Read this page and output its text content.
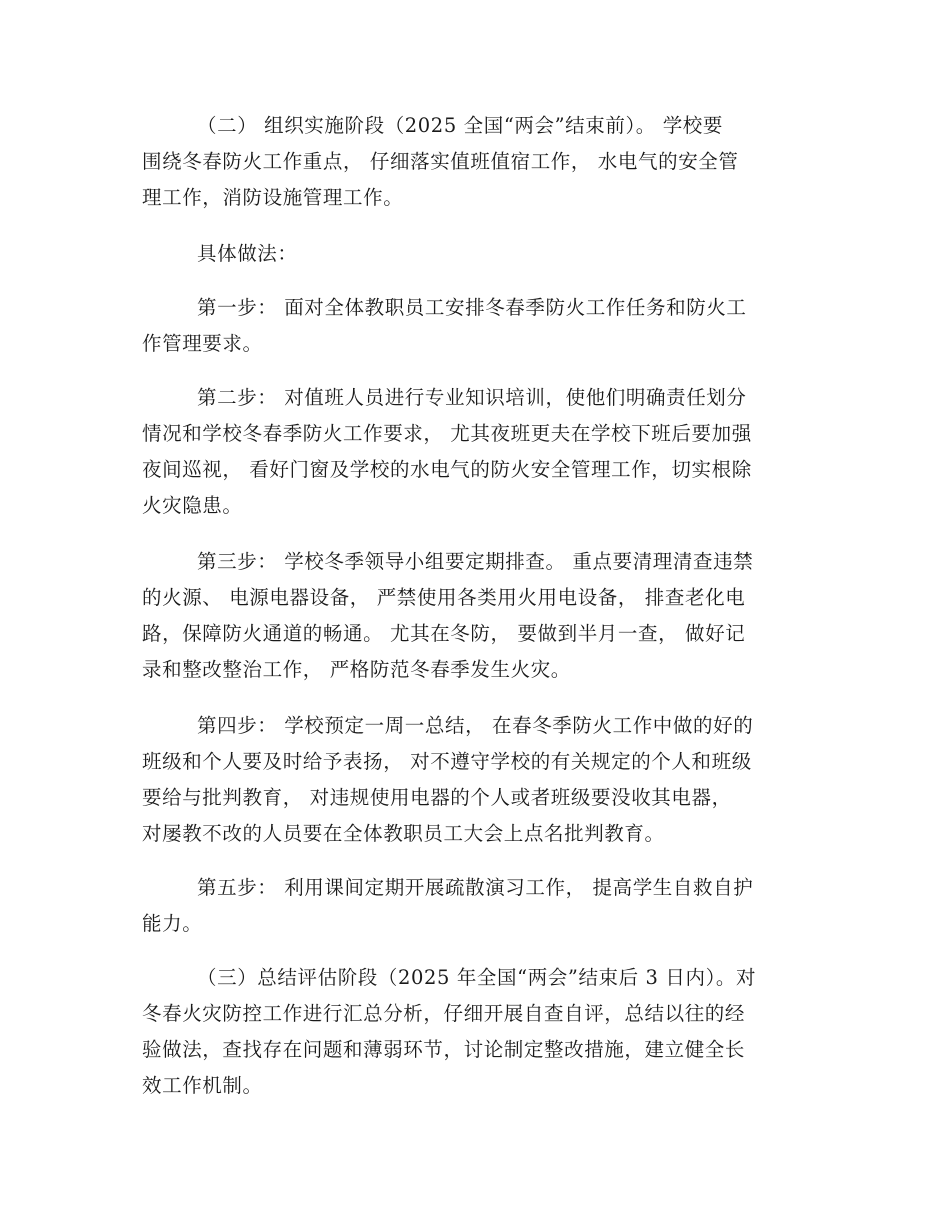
（二） 组织实施阶段（2025 全国“两会”结束前）。 学校要
围绕冬春防火工作重点， 仔细落实值班值宿工作， 水电气的安全管
理工作，消防设施管理工作。

具体做法：

第一步： 面对全体教职员工安排冬春季防火工作任务和防火工
作管理要求。

第二步： 对值班人员进行专业知识培训，使他们明确责任划分
情况和学校冬春季防火工作要求， 尤其夜班更夫在学校下班后要加强
夜间巡视， 看好门窗及学校的水电气的防火安全管理工作，切实根除
火灾隐患。

第三步： 学校冬季领导小组要定期排查。 重点要清理清查违禁
的火源、 电源电器设备， 严禁使用各类用火用电设备， 排查老化电
路，保障防火通道的畅通。 尤其在冬防， 要做到半月一查， 做好记
录和整改整治工作， 严格防范冬春季发生火灾。

第四步： 学校预定一周一总结， 在春冬季防火工作中做的好的
班级和个人要及时给予表扬， 对不遵守学校的有关规定的个人和班级
要给与批判教育， 对违规使用电器的个人或者班级要没收其电器，
对屡教不改的人员要在全体教职员工大会上点名批判教育。

第五步： 利用课间定期开展疏散演习工作， 提高学生自救自护
能力。

（三）总结评估阶段（2025 年全国“两会”结束后 3 日内）。对
冬春火灾防控工作进行汇总分析，仔细开展自查自评，总结以往的经
验做法，查找存在问题和薄弱环节，讨论制定整改措施，建立健全长
效工作机制。
